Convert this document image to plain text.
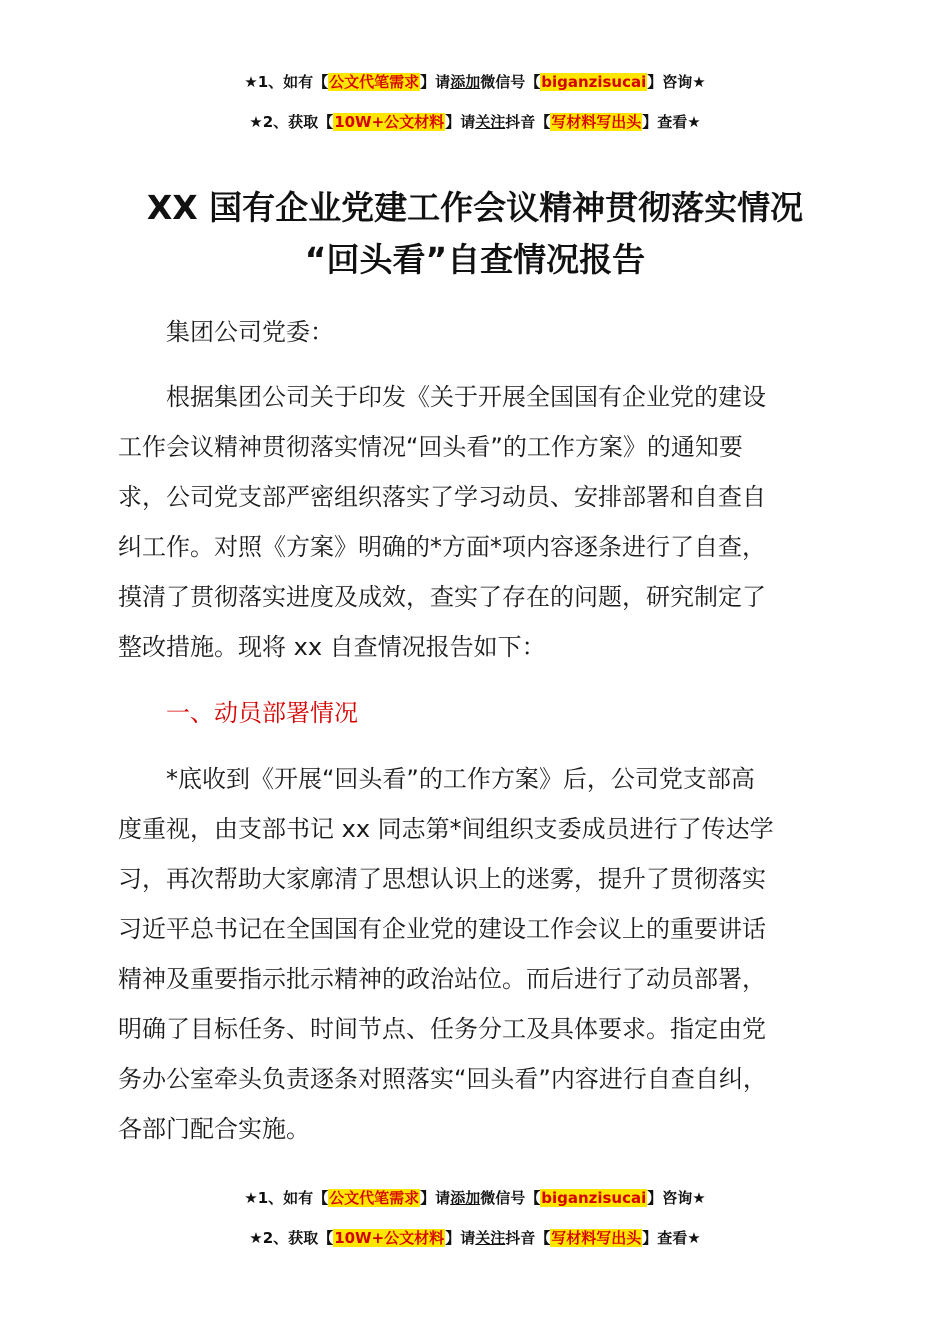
★1、如有【公文代笔需求】请添加微信号【biganzisucai】咨询★
★2、获取【10W+公文材料】请关注抖音【写材料写出头】查看★
XX 国有企业党建工作会议精神贯彻落实情况
“回头看”自查情况报告
集团公司党委：
根据集团公司关于印发《关于开展全国国有企业党的建设
工作会议精神贯彻落实情况“回头看”的工作方案》的通知要
求，公司党支部严密组织落实了学习动员、安排部署和自查自
纠工作。对照《方案》明确的*方面*项内容逐条进行了自查，
摸清了贯彻落实进度及成效，查实了存在的问题，研究制定了
整改措施。现将 xx 自查情况报告如下：
一、动员部署情况
*底收到《开展“回头看”的工作方案》后，公司党支部高
度重视，由支部书记 xx 同志第*间组织支委成员进行了传达学
习，再次帮助大家廓清了思想认识上的迷雾，提升了贯彻落实
习近平总书记在全国国有企业党的建设工作会议上的重要讲话
精神及重要指示批示精神的政治站位。而后进行了动员部署，
明确了目标任务、时间节点、任务分工及具体要求。指定由党
务办公室牵头负责逐条对照落实“回头看”内容进行自查自纠，
各部门配合实施。
★1、如有【公文代笔需求】请添加微信号【biganzisucai】咨询★
★2、获取【10W+公文材料】请关注抖音【写材料写出头】查看★
